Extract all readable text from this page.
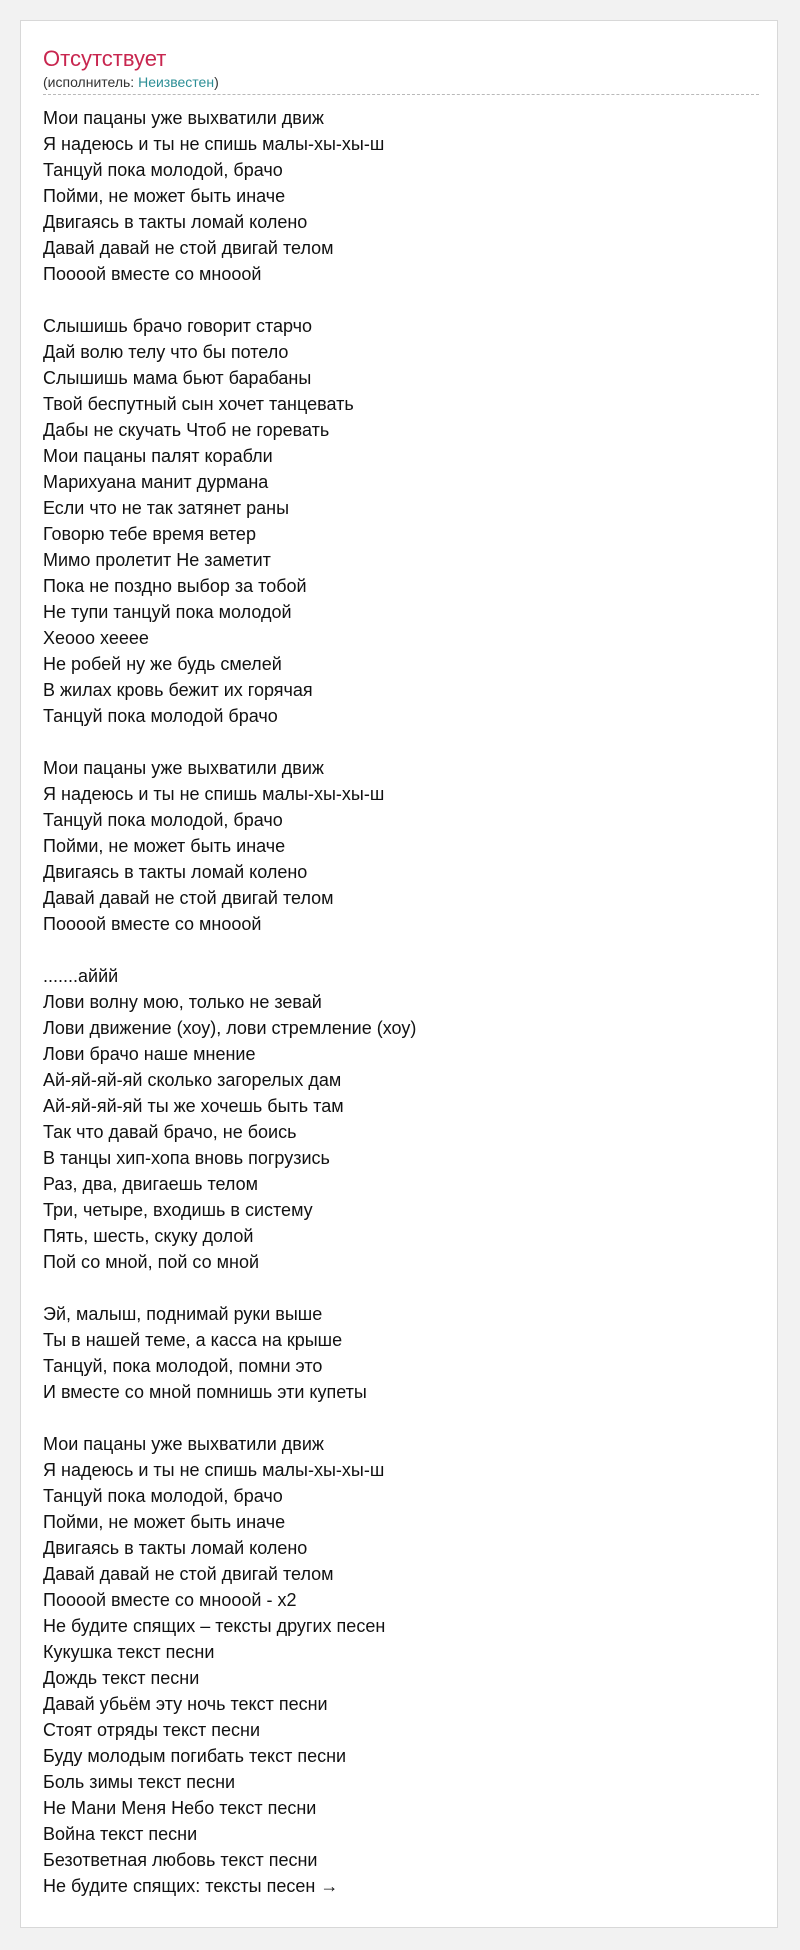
Отсутствует
(исполнитель: Неизвестен)
Мои пацаны уже выхватили движ
Я надеюсь и ты не спишь малы-хы-хы-ш
Танцуй пока молодой, брачо
Пойми, не может быть иначе
Двигаясь в такты ломай колено
Давай давай не стой двигай телом
Поооой вместе со мнооой
Слышишь брачо говорит старчо
Дай волю телу что бы потело
Слышишь мама бьют барабаны
Твой беспутный сын хочет танцевать
Дабы не скучать Чтоб не горевать
Мои пацаны палят корабли
Марихуана манит дурмана
Если что не так затянет раны
Говорю тебе время ветер
Мимо пролетит Не заметит
Пока не поздно выбор за тобой
Не тупи танцуй пока молодой
Хеооо хееее
Не робей ну же будь смелей
В жилах кровь бежит их горячая
Танцуй пока молодой брачо
Мои пацаны уже выхватили движ
Я надеюсь и ты не спишь малы-хы-хы-ш
Танцуй пока молодой, брачо
Пойми, не может быть иначе
Двигаясь в такты ломай колено
Давай давай не стой двигай телом
Поооой вместе со мнооой
.......аййй
Лови волну мою, только не зевай
Лови движение (хоу), лови стремление (хоу)
Лови брачо наше мнение
Ай-яй-яй-яй сколько загорелых дам
Ай-яй-яй-яй ты же хочешь быть там
Так что давай брачо, не боись
В танцы хип-хопа вновь погрузись
Раз, два, двигаешь телом
Три, четыре, входишь в систему
Пять, шесть, скуку долой
Пой со мной, пой со мной
Эй, малыш, поднимай руки выше
Ты в нашей теме, а касса на крыше
Танцуй, пока молодой, помни это
И вместе со мной помнишь эти купеты
Мои пацаны уже выхватили движ
Я надеюсь и ты не спишь малы-хы-хы-ш
Танцуй пока молодой, брачо
Пойми, не может быть иначе
Двигаясь в такты ломай колено
Давай давай не стой двигай телом
Поооой вместе со мнооой - x2
Не будите спящих – тексты других песен
Кукушка текст песни
Дождь текст песни
Давай убьём эту ночь текст песни
Стоят отряды текст песни
Буду молодым погибать текст песни
Боль зимы текст песни
Не Мани Меня Небо текст песни
Война текст песни
Безответная любовь текст песни
Не будите спящих: тексты песен →
